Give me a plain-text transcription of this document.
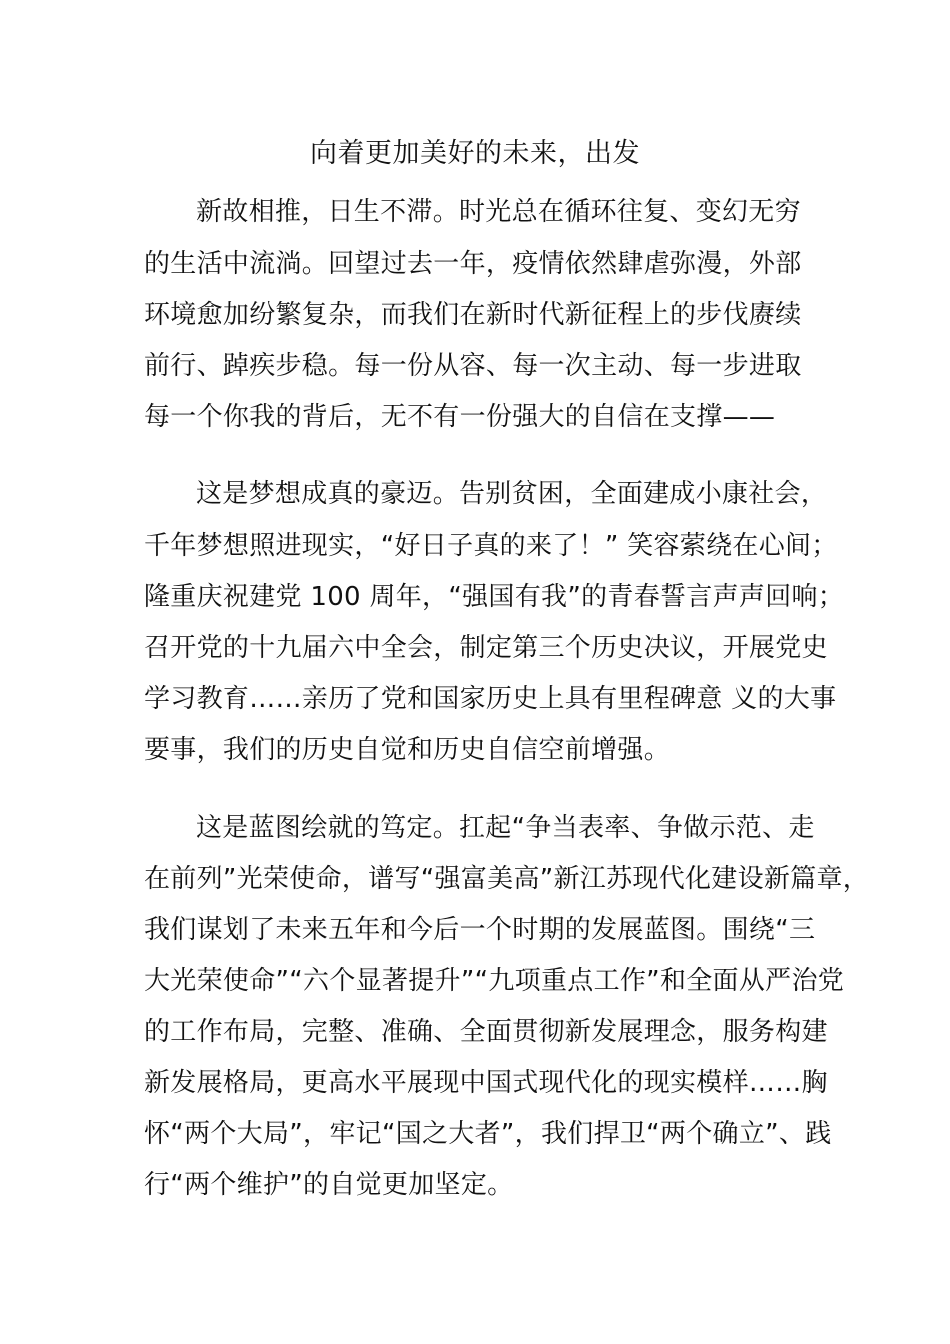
向着更加美好的未来，出发
新故相推，日生不滞。时光总在循环往复、变幻无穷
的生活中流淌。回望过去一年，疫情依然肆虐弥漫，外部
环境愈加纷繁复杂，而我们在新时代新征程上的步伐赓续
前行、踔疾步稳。每一份从容、每一次主动、每一步进取
每一个你我的背后，无不有一份强大的自信在支撑——
这是梦想成真的豪迈。告别贫困，全面建成小康社会，
千年梦想照进现实，“好日子真的来了！” 笑容萦绕在心间；
隆重庆祝建党 100 周年，“强国有我”的青春誓言声声回响；
召开党的十九届六中全会，制定第三个历史决议，开展党史
学习教育……亲历了党和国家历史上具有里程碑意 义的大事
要事，我们的历史自觉和历史自信空前增强。
这是蓝图绘就的笃定。扛起“争当表率、争做示范、走
在前列”光荣使命，谱写“强富美高”新江苏现代化建设新篇章，
我们谋划了未来五年和今后一个时期的发展蓝图。围绕“三
大光荣使命”“六个显著提升”“九项重点工作”和全面从严治党
的工作布局，完整、准确、全面贯彻新发展理念，服务构建
新发展格局，更高水平展现中国式现代化的现实模样……胸
怀“两个大局”，牢记“国之大者”，我们捍卫“两个确立”、践
行“两个维护”的自觉更加坚定。
